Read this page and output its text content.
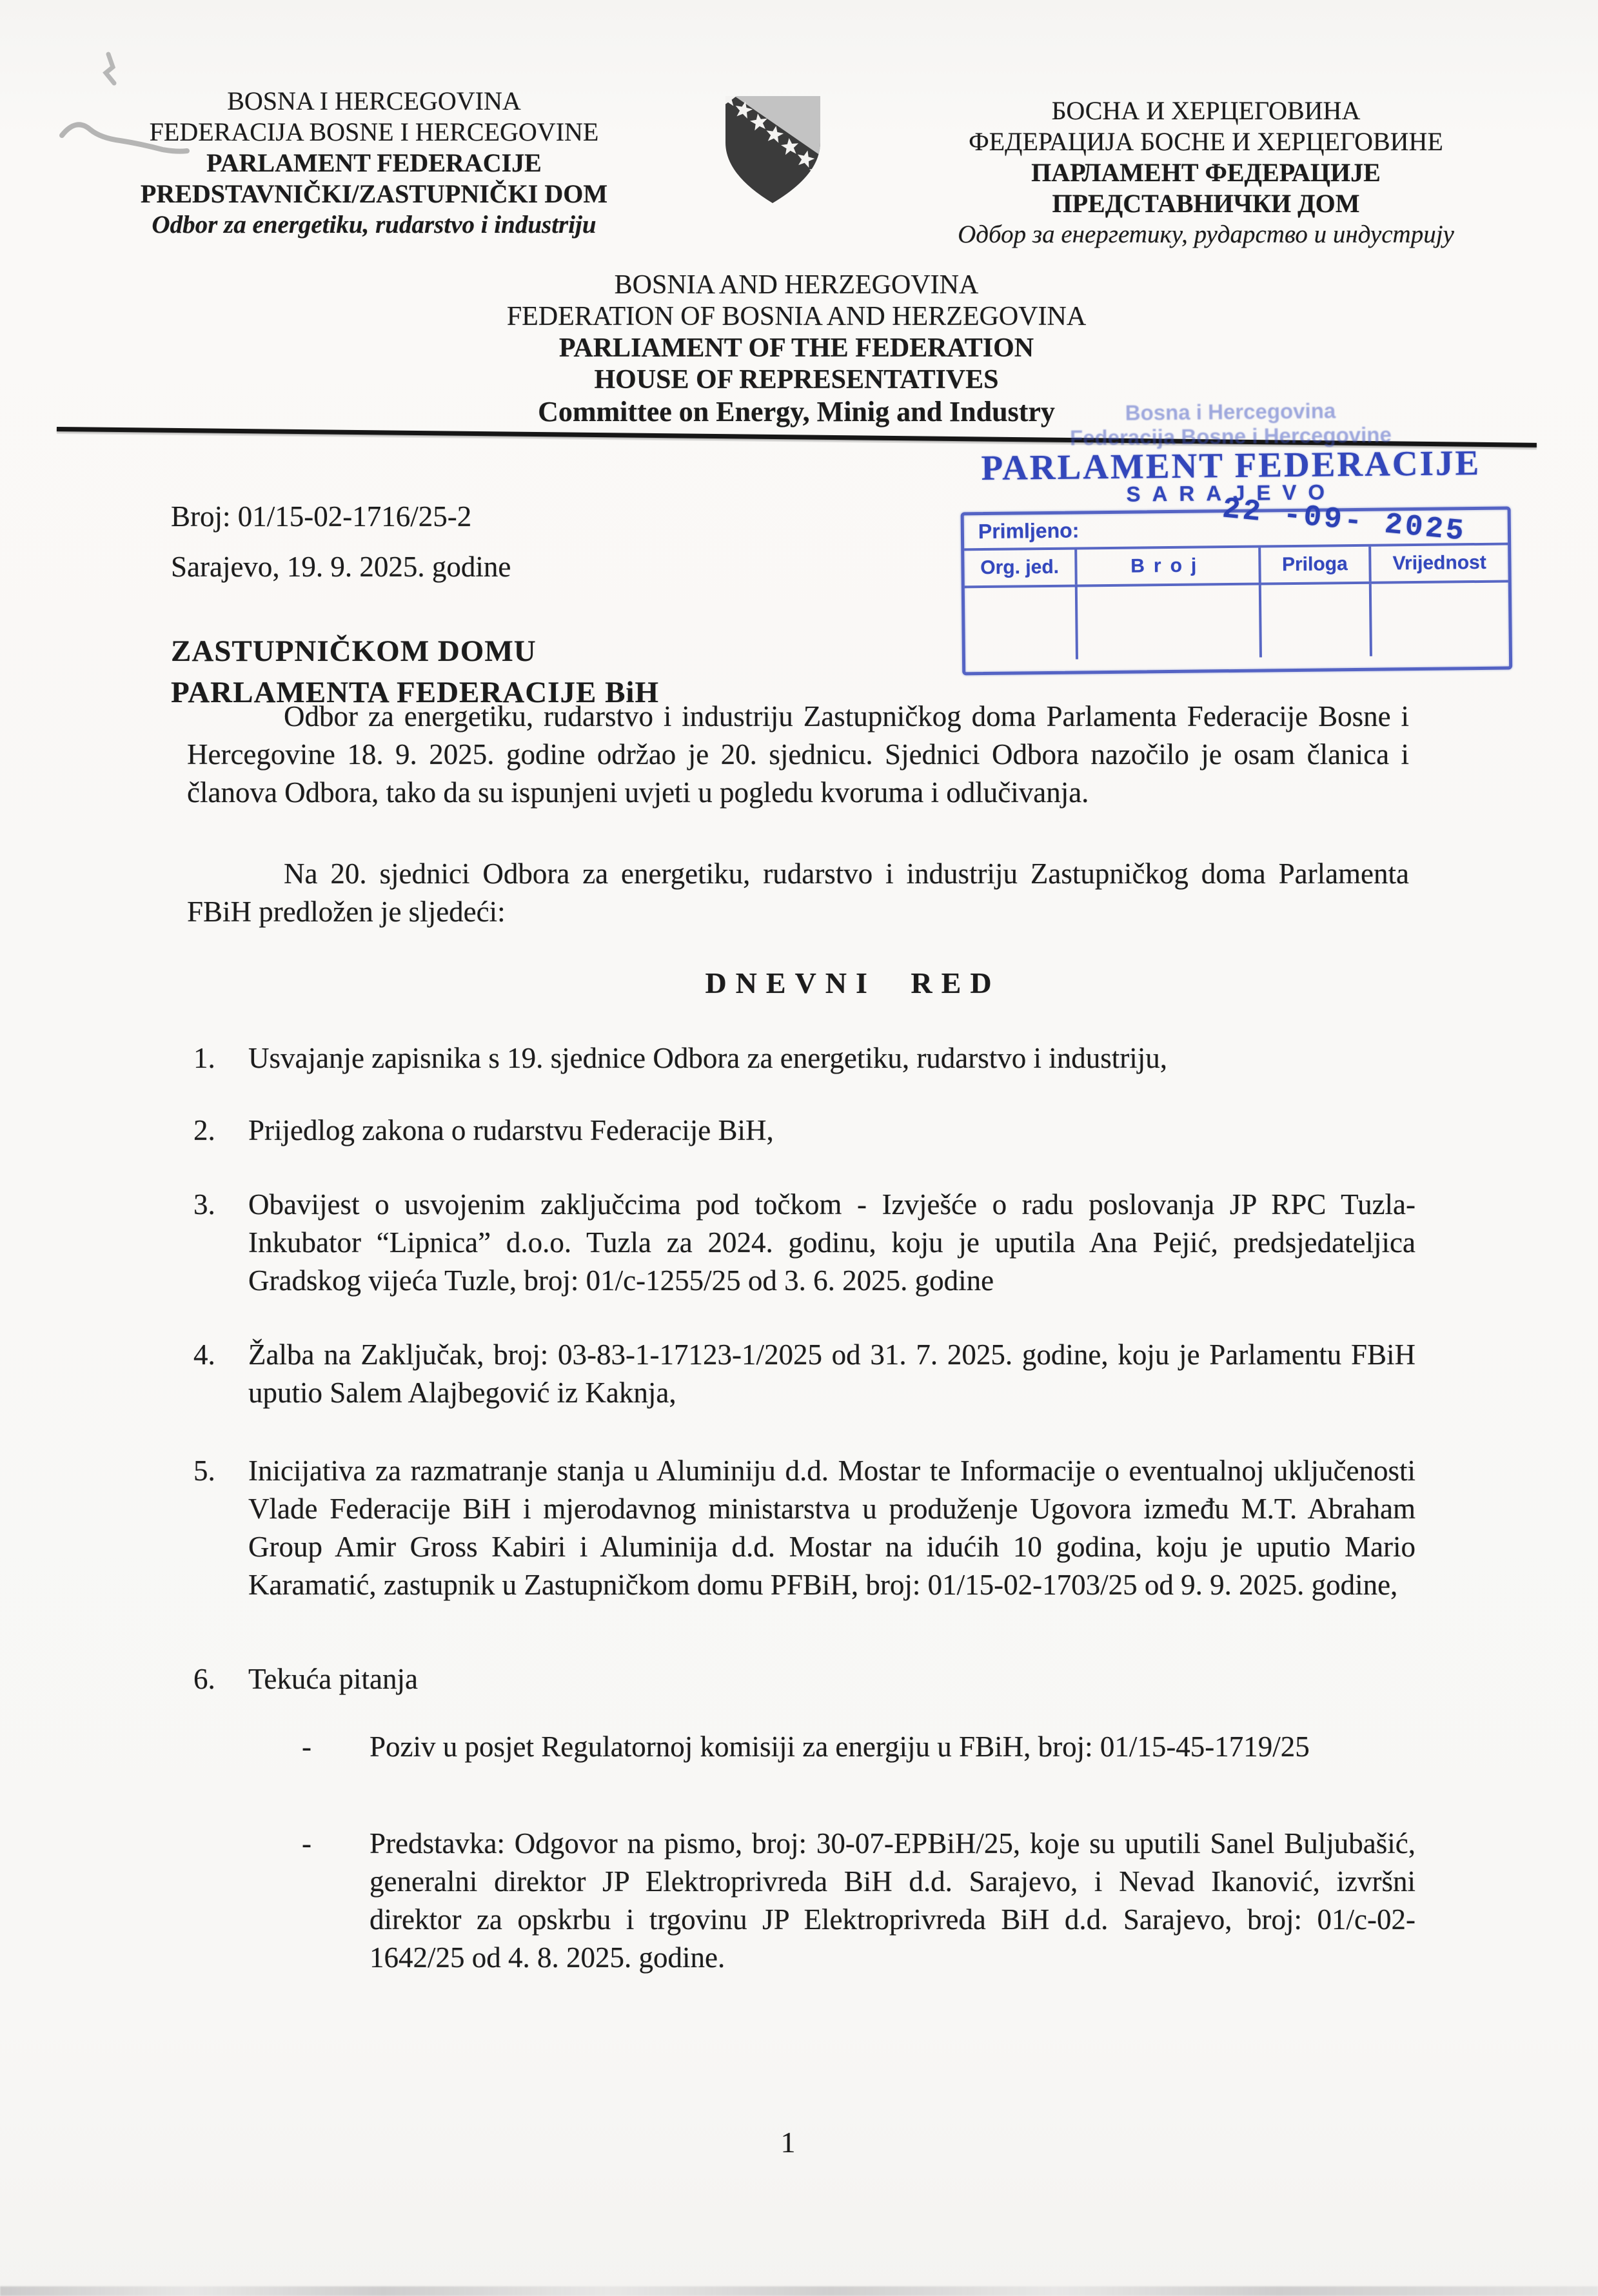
BOSNA I HERCEGOVINA
FEDERACIJA BOSNE I HERCEGOVINE
PARLAMENT FEDERACIJE
PREDSTAVNIČKI/ZASTUPNIČKI DOM
Odbor za energetiku, rudarstvo i industriju
БОСНА И ХЕРЦЕГОВИНА
ФЕДЕРАЦИЈА БОСНЕ И ХЕРЦЕГОВИНЕ
ПАРЛАМЕНТ ФЕДЕРАЦИЈЕ
ПРЕДСТАВНИЧКИ ДОМ
Одбор за енергетику, рударство и индустрију
BOSNIA AND HERZEGOVINA
FEDERATION OF BOSNIA AND HERZEGOVINA
PARLIAMENT OF THE FEDERATION
HOUSE OF REPRESENTATIVES
Committee on Energy, Minig and Industry	Bosna i Hercegovina
Federacija Bosne i Hercegovine
PARLAMENT FEDERACIJE
SARAJEVO
22 -09- 2025
Primljeno:
Org. jed.	Broj	Priloga	Vrijednost
Broj: 01/15-02-1716/25-2
Sarajevo, 19. 9. 2025. godine
ZASTUPNIČKOM DOMU
PARLAMENTA FEDERACIJE BiH
Odbor za energetiku, rudarstvo i industriju Zastupničkog doma Parlamenta Federacije Bosne i Hercegovine 18. 9. 2025. godine održao je 20. sjednicu. Sjednici Odbora nazočilo je osam članica i članova Odbora, tako da su ispunjeni uvjeti u pogledu kvoruma i odlučivanja.
Na 20. sjednici Odbora za energetiku, rudarstvo i industriju Zastupničkog doma Parlamenta FBiH predložen je sljedeći:
DNEVNI RED
1.	Usvajanje zapisnika s 19. sjednice Odbora za energetiku, rudarstvo i industriju,
2.	Prijedlog zakona o rudarstvu Federacije BiH,
3.	Obavijest o usvojenim zaključcima pod točkom - Izvješće o radu poslovanja JP RPC Tuzla-Inkubator “Lipnica” d.o.o. Tuzla za 2024. godinu, koju je uputila Ana Pejić, predsjedateljica Gradskog vijeća Tuzle, broj: 01/c-1255/25 od 3. 6. 2025. godine
4.	Žalba na Zaključak, broj: 03-83-1-17123-1/2025 od 31. 7. 2025. godine, koju je Parlamentu FBiH uputio Salem Alajbegović iz Kaknja,
5.	Inicijativa za razmatranje stanja u Aluminiju d.d. Mostar te Informacije o eventualnoj uključenosti Vlade Federacije BiH i mjerodavnog ministarstva u produženje Ugovora između M.T. Abraham Group Amir Gross Kabiri i Aluminija d.d. Mostar na idućih 10 godina, koju je uputio Mario Karamatić, zastupnik u Zastupničkom domu PFBiH, broj: 01/15-02-1703/25 od 9. 9. 2025. godine,
6.	Tekuća pitanja
-	Poziv u posjet Regulatornoj komisiji za energiju u FBiH, broj: 01/15-45-1719/25
-	Predstavka: Odgovor na pismo, broj: 30-07-EPBiH/25, koje su uputili Sanel Buljubašić, generalni direktor JP Elektroprivreda BiH d.d. Sarajevo, i Nevad Ikanović, izvršni direktor za opskrbu i trgovinu JP Elektroprivreda BiH d.d. Sarajevo, broj: 01/c-02-1642/25 od 4. 8. 2025. godine.
1
